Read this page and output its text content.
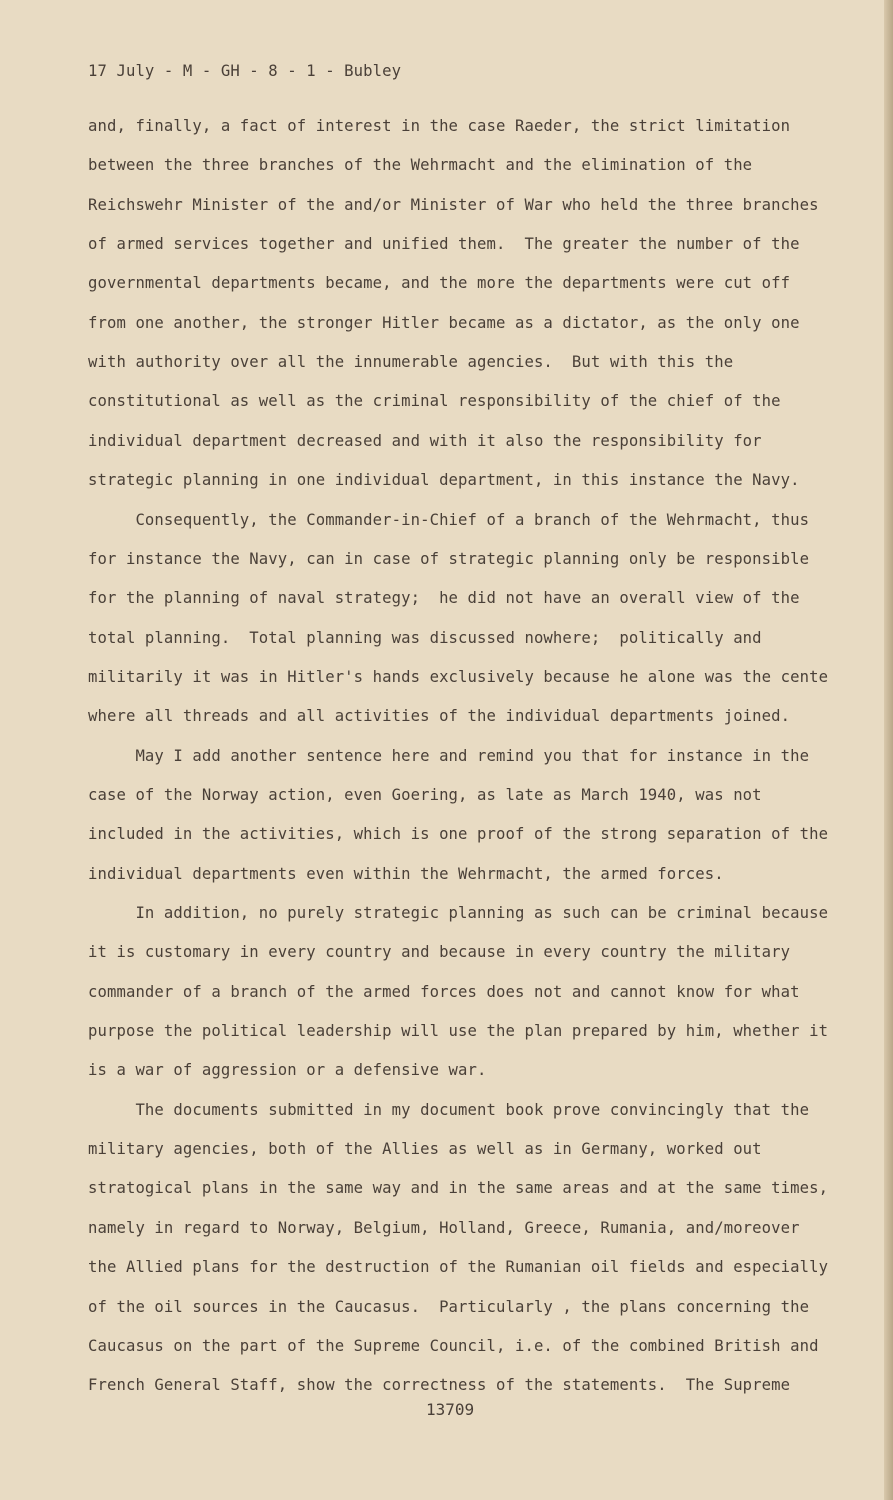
17 July - M - GH - 8 - 1 - Bubley
and, finally, a fact of interest in the case Raeder, the strict limitation
between the three branches of the Wehrmacht and the elimination of the
Reichswehr Minister of the and/or Minister of War who held the three branches
of armed services together and unified them.  The greater the number of the
governmental departments became, and the more the departments were cut off
from one another, the stronger Hitler became as a dictator, as the only one
with authority over all the innumerable agencies.  But with this the
constitutional as well as the criminal responsibility of the chief of the
individual department decreased and with it also the responsibility for
strategic planning in one individual department, in this instance the Navy.
Consequently, the Commander-in-Chief of a branch of the Wehrmacht, thus
for instance the Navy, can in case of strategic planning only be responsible
for the planning of naval strategy;  he did not have an overall view of the
total planning.  Total planning was discussed nowhere;  politically and
militarily it was in Hitler's hands exclusively because he alone was the cente
where all threads and all activities of the individual departments joined.
May I add another sentence here and remind you that for instance in the
case of the Norway action, even Goering, as late as March 1940, was not
included in the activities, which is one proof of the strong separation of the
individual departments even within the Wehrmacht, the armed forces.
In addition, no purely strategic planning as such can be criminal because
it is customary in every country and because in every country the military
commander of a branch of the armed forces does not and cannot know for what
purpose the political leadership will use the plan prepared by him, whether it
is a war of aggression or a defensive war.
The documents submitted in my document book prove convincingly that the
military agencies, both of the Allies as well as in Germany, worked out
stratogical plans in the same way and in the same areas and at the same times,
namely in regard to Norway, Belgium, Holland, Greece, Rumania, and/moreover
the Allied plans for the destruction of the Rumanian oil fields and especially
of the oil sources in the Caucasus.  Particularly , the plans concerning the
Caucasus on the part of the Supreme Council, i.e. of the combined British and
French General Staff, show the correctness of the statements.  The Supreme
13709
